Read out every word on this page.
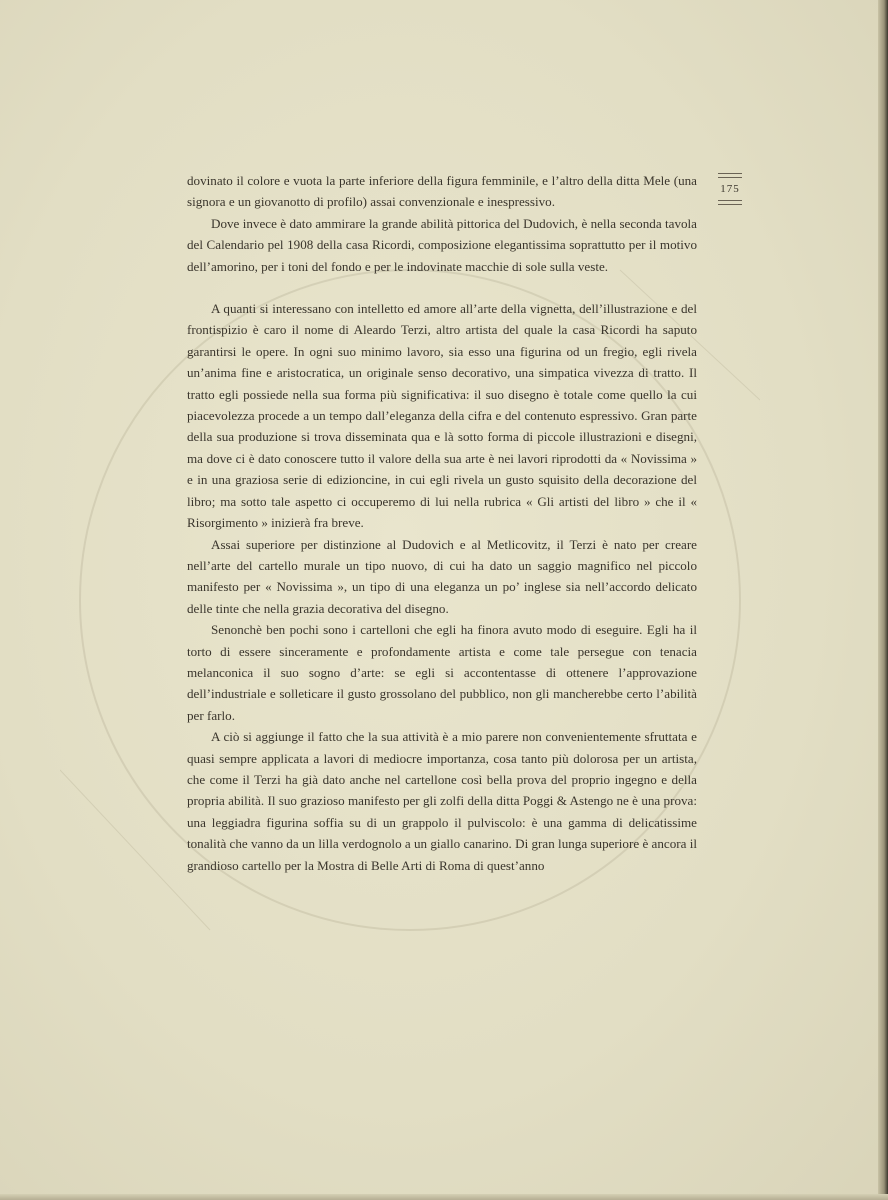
175

dovinato il colore e vuota la parte inferiore della figura femminile, e l’altro della ditta Mele (una signora e un giovanotto di profilo) assai convenzionale e inespressivo.

Dove invece è dato ammirare la grande abilità pittorica del Dudovich, è nella seconda tavola del Calendario pel 1908 della casa Ricordi, composizione elegantissima soprattutto per il motivo dell’amorino, per i toni del fondo e per le indovinate macchie di sole sulla veste.

A quanti si interessano con intelletto ed amore all’arte della vignetta, dell’illustrazione e del frontispizio è caro il nome di Aleardo Terzi, altro artista del quale la casa Ricordi ha saputo garantirsi le opere. In ogni suo minimo lavoro, sia esso una figurina od un fregio, egli rivela un’anima fine e aristocratica, un originale senso decorativo, una simpatica vivezza di tratto. Il tratto egli possiede nella sua forma più significativa: il suo disegno è totale come quello la cui piacevolezza procede a un tempo dall’eleganza della cifra e del contenuto espressivo. Gran parte della sua produzione si trova disseminata qua e là sotto forma di piccole illustrazioni e disegni, ma dove ci è dato conoscere tutto il valore della sua arte è nei lavori riprodotti da « Novissima » e in una graziosa serie di edizioncine, in cui egli rivela un gusto squisito della decorazione del libro; ma sotto tale aspetto ci occuperemo di lui nella rubrica « Gli artisti del libro » che il « Risorgimento » inizierà fra breve.

Assai superiore per distinzione al Dudovich e al Metlicovitz, il Terzi è nato per creare nell’arte del cartello murale un tipo nuovo, di cui ha dato un saggio magnifico nel piccolo manifesto per « Novissima », un tipo di una eleganza un po’ inglese sia nell’accordo delicato delle tinte che nella grazia decorativa del disegno.

Senonchè ben pochi sono i cartelloni che egli ha finora avuto modo di eseguire. Egli ha il torto di essere sinceramente e profondamente artista e come tale persegue con tenacia melanconica il suo sogno d’arte: se egli si accontentasse di ottenere l’approvazione dell’industriale e solleticare il gusto grossolano del pubblico, non gli mancherebbe certo l’abilità per farlo.

A ciò si aggiunge il fatto che la sua attività è a mio parere non convenientemente sfruttata e quasi sempre applicata a lavori di mediocre importanza, cosa tanto più dolorosa per un artista, che come il Terzi ha già dato anche nel cartellone così bella prova del proprio ingegno e della propria abilità. Il suo grazioso manifesto per gli zolfi della ditta Poggi & Astengo ne è una prova: una leggiadra figurina soffia su di un grappolo il pulviscolo: è una gamma di delicatissime tonalità che vanno da un lilla verdognolo a un giallo canarino. Di gran lunga superiore è ancora il grandioso cartello per la Mostra di Belle Arti di Roma di quest’anno
